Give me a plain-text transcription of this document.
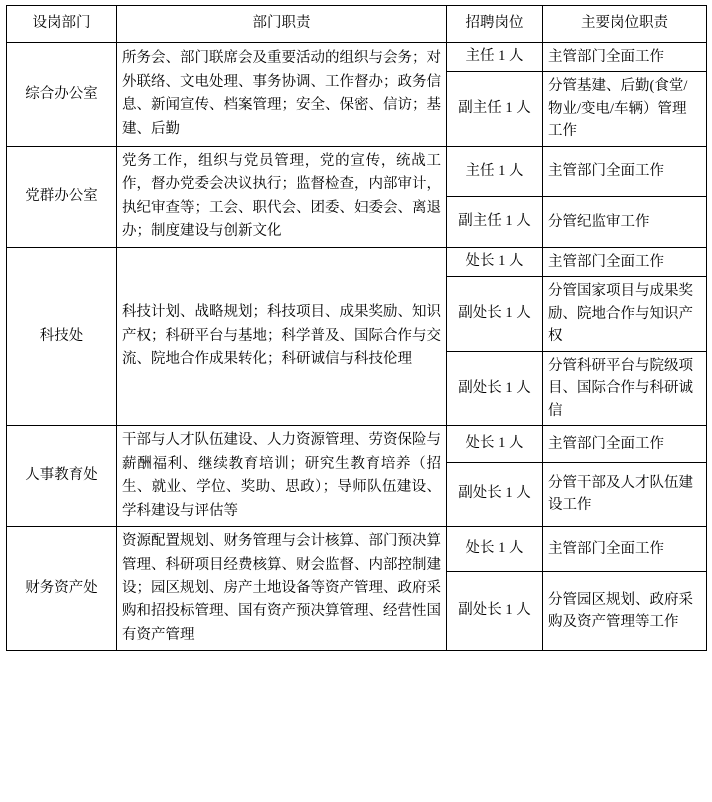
设岗部门	部门职责	招聘岗位	主要岗位职责
综合办公室	所务会、部门联席会及重要活动的组织与会务；对外联络、文电处理、事务协调、工作督办；政务信息、新闻宣传、档案管理；安全、保密、信访；基建、后勤	主任 1 人	主管部门全面工作
		副主任 1 人	分管基建、后勤(食堂/物业/变电/车辆）管理工作
党群办公室	党务工作，组织与党员管理，党的宣传，统战工作，督办党委会决议执行；监督检查，内部审计，执纪审查等；工会、职代会、团委、妇委会、离退办；制度建设与创新文化	主任 1 人	主管部门全面工作
		副主任 1 人	分管纪监审工作
科技处	科技计划、战略规划；科技项目、成果奖励、知识产权；科研平台与基地；科学普及、国际合作与交流、院地合作成果转化；科研诚信与科技伦理	处长 1 人	主管部门全面工作
		副处长 1 人	分管国家项目与成果奖励、院地合作与知识产权
		副处长 1 人	分管科研平台与院级项目、国际合作与科研诚信
人事教育处	干部与人才队伍建设、人力资源管理、劳资保险与薪酬福利、继续教育培训；研究生教育培养（招生、就业、学位、奖助、思政）；导师队伍建设、学科建设与评估等	处长 1 人	主管部门全面工作
		副处长 1 人	分管干部及人才队伍建设工作
财务资产处	资源配置规划、财务管理与会计核算、部门预决算管理、科研项目经费核算、财会监督、内部控制建设；园区规划、房产土地设备等资产管理、政府采购和招投标管理、国有资产预决算管理、经营性国有资产管理	处长 1 人	主管部门全面工作
		副处长 1 人	分管园区规划、政府采购及资产管理等工作
